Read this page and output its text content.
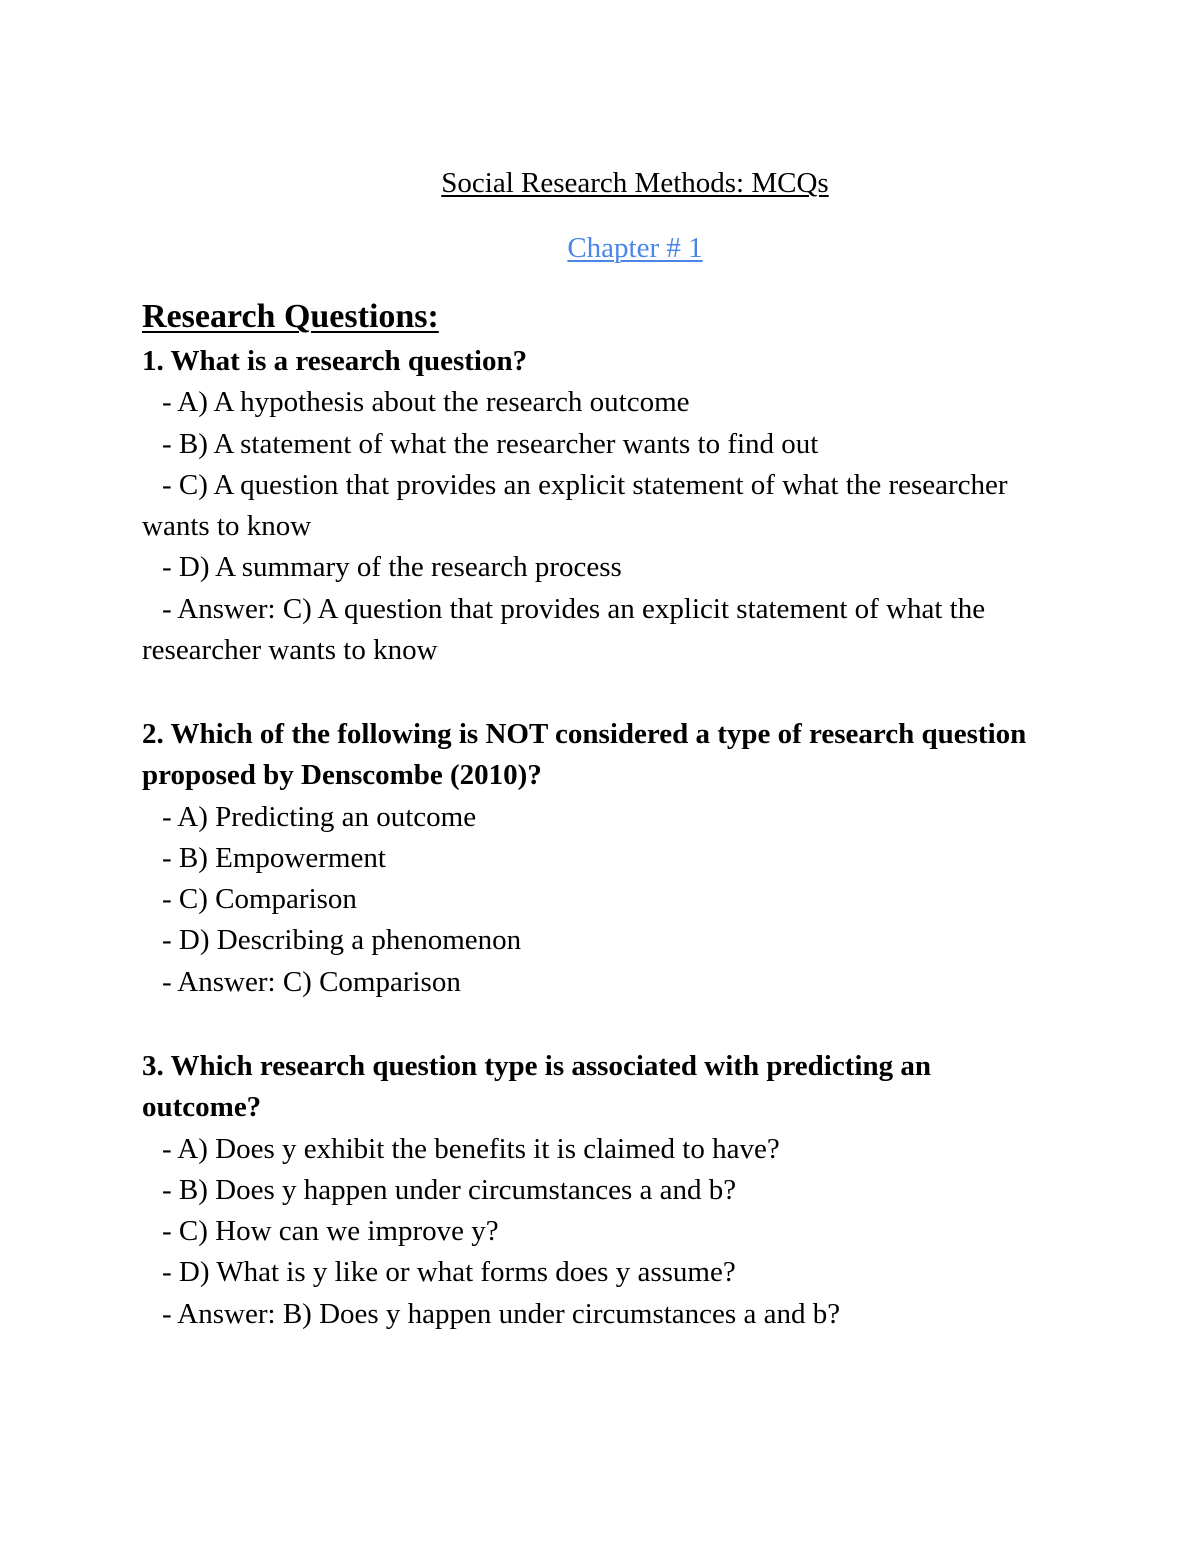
Social Research Methods: MCQs
Chapter # 1
Research Questions:

1. What is a research question?

- A) A hypothesis about the research outcome

- B) A statement of what the researcher wants to find out

- C) A question that provides an explicit statement of what the researcher wants to know

- D) A summary of the research process

- Answer: C) A question that provides an explicit statement of what the researcher wants to know

2. Which of the following is NOT considered a type of research question proposed by Denscombe (2010)?

- A) Predicting an outcome

- B) Empowerment

- C) Comparison

- D) Describing a phenomenon

- Answer: C) Comparison

3. Which research question type is associated with predicting an outcome?

- A) Does y exhibit the benefits it is claimed to have?

- B) Does y happen under circumstances a and b?

- C) How can we improve y?

- D) What is y like or what forms does y assume?

- Answer: B) Does y happen under circumstances a and b?
